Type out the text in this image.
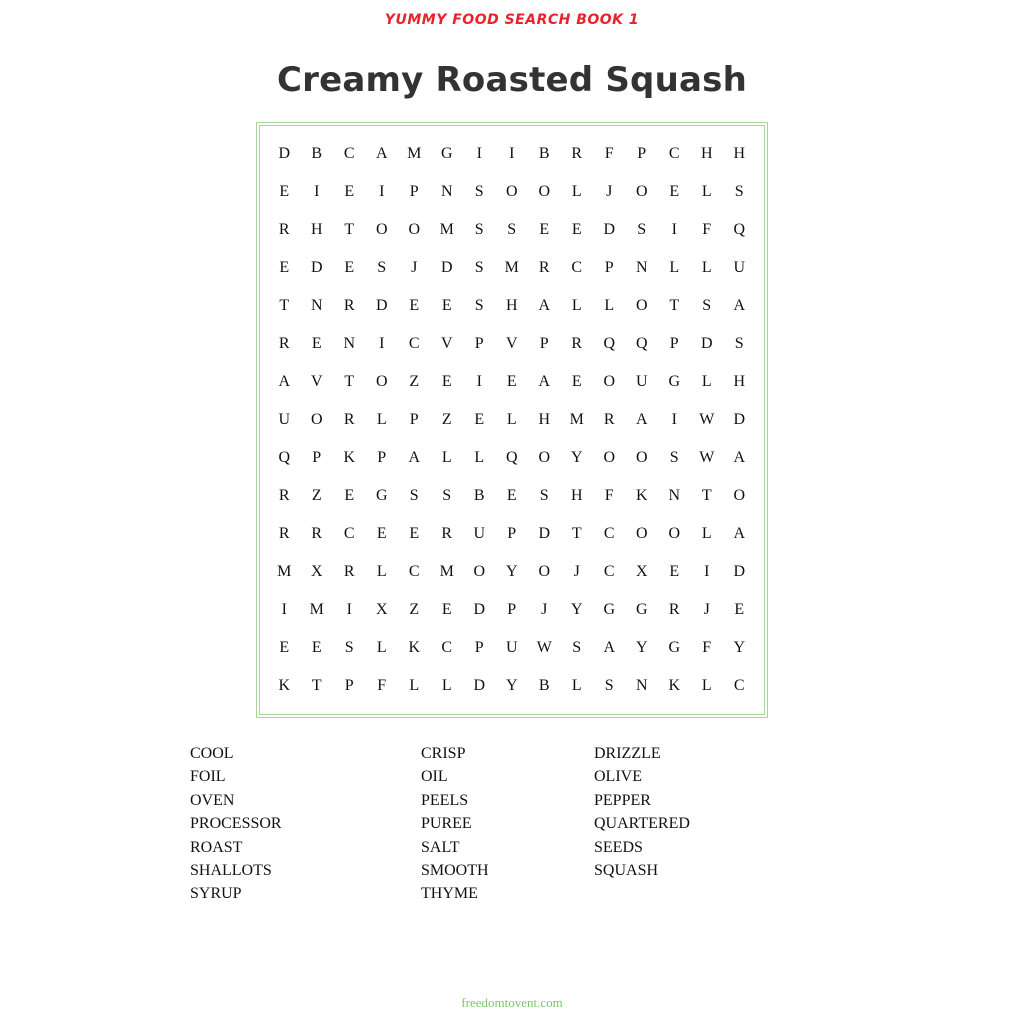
YUMMY FOOD SEARCH BOOK 1
Creamy Roasted Squash
D	B	C	A	M	G	I	I	B	R	F	P	C	H	H
E	I	E	I	P	N	S	O	O	L	J	O	E	L	S
R	H	T	O	O	M	S	S	E	E	D	S	I	F	Q
E	D	E	S	J	D	S	M	R	C	P	N	L	L	U
T	N	R	D	E	E	S	H	A	L	L	O	T	S	A
R	E	N	I	C	V	P	V	P	R	Q	Q	P	D	S
A	V	T	O	Z	E	I	E	A	E	O	U	G	L	H
U	O	R	L	P	Z	E	L	H	M	R	A	I	W	D
Q	P	K	P	A	L	L	Q	O	Y	O	O	S	W	A
R	Z	E	G	S	S	B	E	S	H	F	K	N	T	O
R	R	C	E	E	R	U	P	D	T	C	O	O	L	A
M	X	R	L	C	M	O	Y	O	J	C	X	E	I	D
I	M	I	X	Z	E	D	P	J	Y	G	G	R	J	E
E	E	S	L	K	C	P	U	W	S	A	Y	G	F	Y
K	T	P	F	L	L	D	Y	B	L	S	N	K	L	C
COOL
FOIL
OVEN
PROCESSOR
ROAST
SHALLOTS
SYRUP
CRISP
OIL
PEELS
PUREE
SALT
SMOOTH
THYME
DRIZZLE
OLIVE
PEPPER
QUARTERED
SEEDS
SQUASH
freedomtovent.com
